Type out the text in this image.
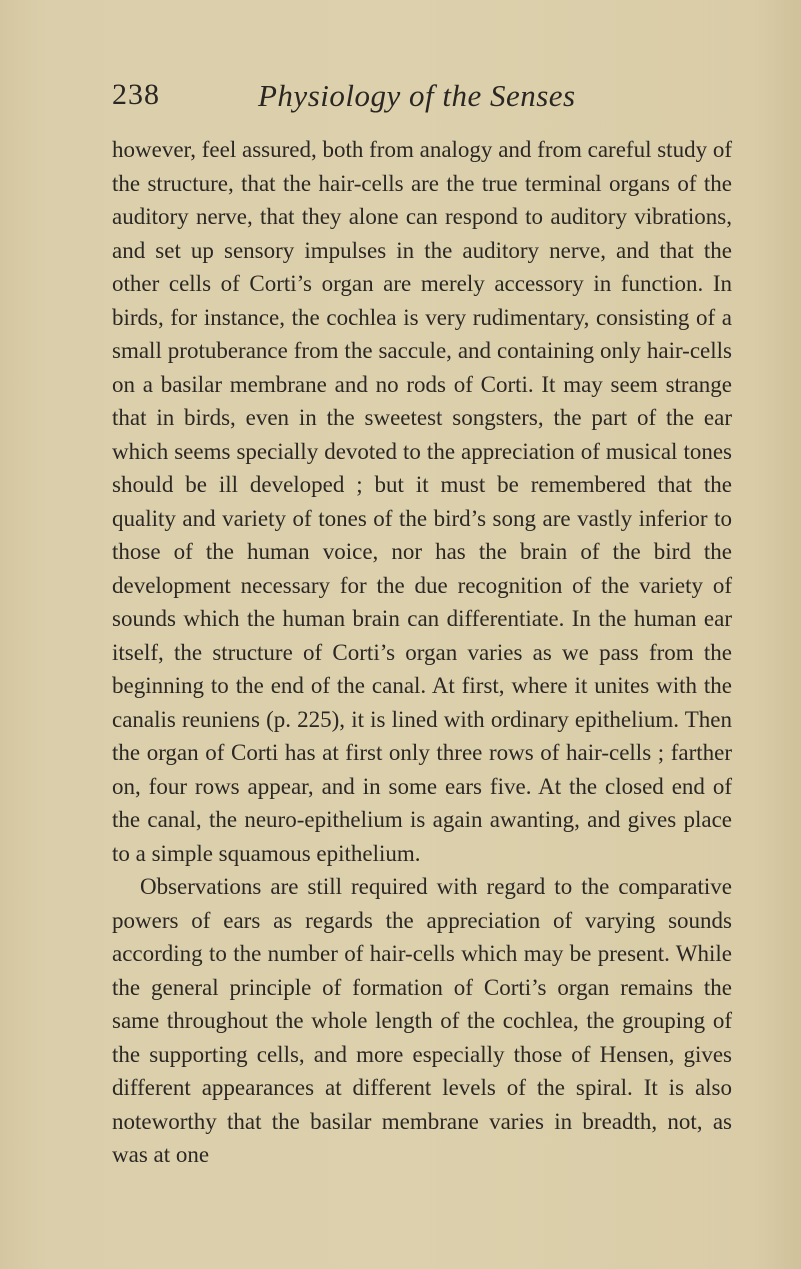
238	Physiology of the Senses

however, feel assured, both from analogy and from careful study of the structure, that the hair-cells are the true terminal organs of the auditory nerve, that they alone can respond to auditory vibrations, and set up sensory impulses in the auditory nerve, and that the other cells of Corti’s organ are merely accessory in function. In birds, for instance, the cochlea is very rudimentary, consisting of a small protuberance from the saccule, and containing only hair-cells on a basilar membrane and no rods of Corti. It may seem strange that in birds, even in the sweetest songsters, the part of the ear which seems specially devoted to the appreciation of musical tones should be ill developed ; but it must be remembered that the quality and variety of tones of the bird’s song are vastly inferior to those of the human voice, nor has the brain of the bird the development necessary for the due recognition of the variety of sounds which the human brain can differentiate. In the human ear itself, the structure of Corti’s organ varies as we pass from the beginning to the end of the canal. At first, where it unites with the canalis reuniens (p. 225), it is lined with ordinary epithelium. Then the organ of Corti has at first only three rows of hair-cells ; farther on, four rows appear, and in some ears five. At the closed end of the canal, the neuro-epithelium is again awanting, and gives place to a simple squamous epithelium.

Observations are still required with regard to the comparative powers of ears as regards the appreciation of varying sounds according to the number of hair-cells which may be present. While the general principle of formation of Corti’s organ remains the same throughout the whole length of the cochlea, the grouping of the supporting cells, and more especially those of Hensen, gives different appearances at different levels of the spiral. It is also noteworthy that the basilar membrane varies in breadth, not, as was at one
